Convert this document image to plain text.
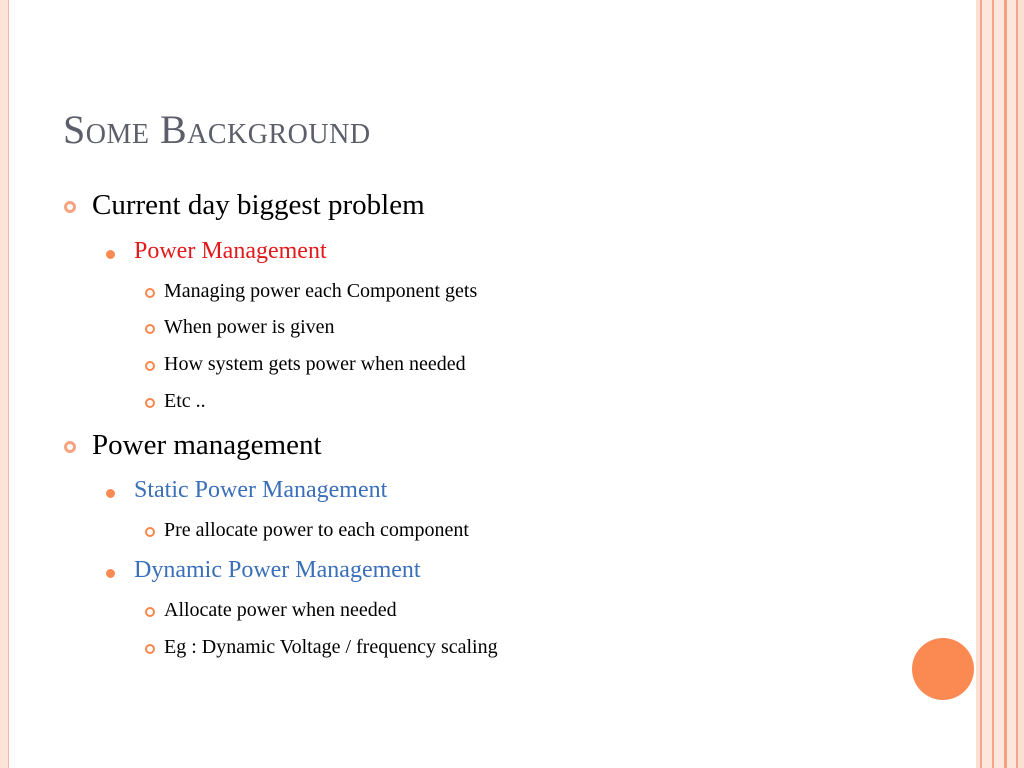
Some Background
Current day biggest problem
Power Management
Managing power each Component gets
When power is given
How system gets power when needed
Etc ..
Power management
Static Power Management
Pre allocate power to each component
Dynamic Power Management
Allocate power when needed
Eg : Dynamic Voltage / frequency scaling
